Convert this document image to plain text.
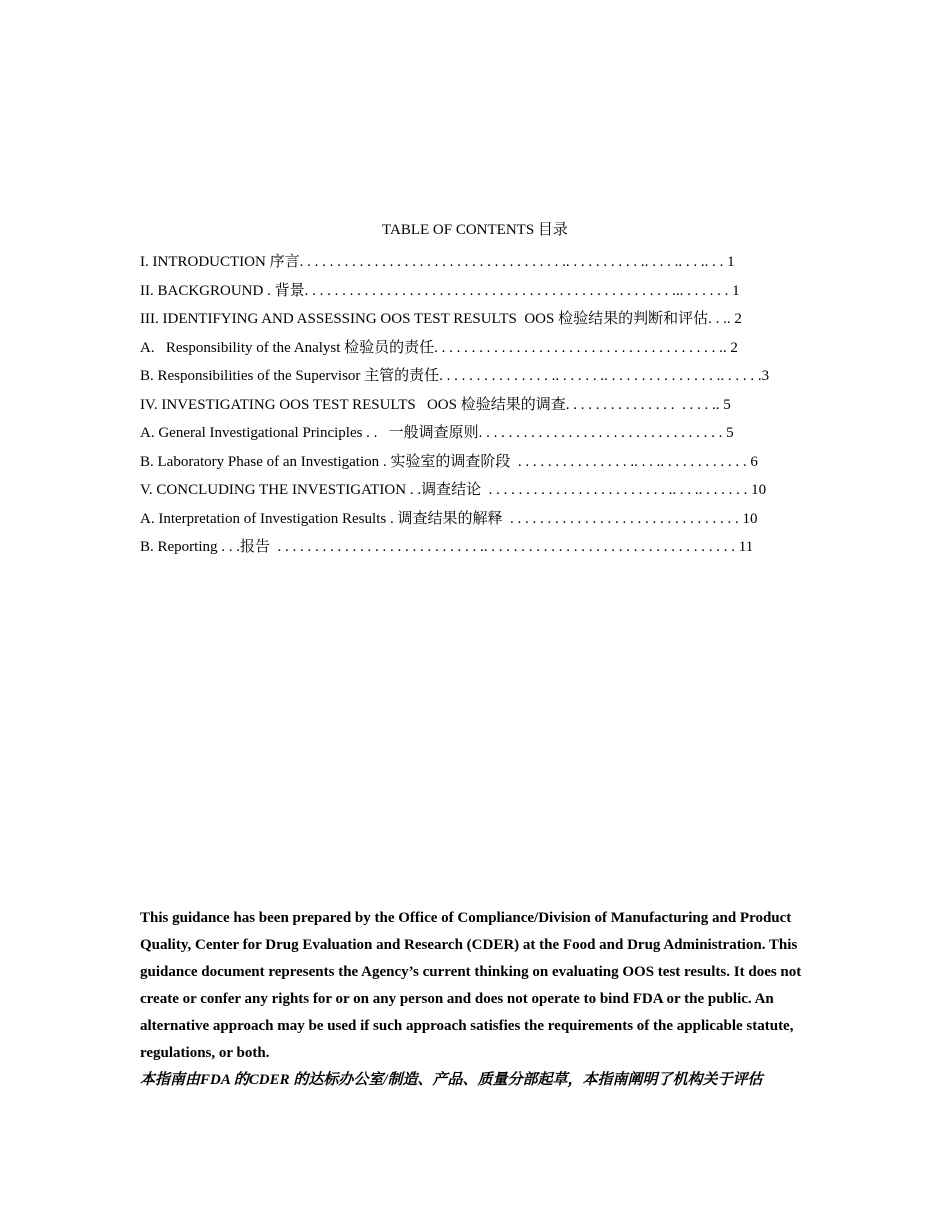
TABLE OF CONTENTS 目录
I. INTRODUCTION 序言. . . . . . . . . . . . . . . . . . . . . . . . . . . . . . . . . . . .. . . . . . . . . . .. . . . .. . . .. . . 1
II. BACKGROUND . 背景. . . . . . . . . . . . . . . . . . . . . . . . . . . . . . . . . . . . . . . . . . . . . . . . . ... . . . . . . 1
III. IDENTIFYING AND ASSESSING OOS TEST RESULTS  OOS 检验结果的判断和评估. . .. 2
A.   Responsibility of the Analyst 检验员的责任. . . . . . . . . . . . . . . . . . . . . . . . . . . . . . . . . . . . . . .. 2
B. Responsibilities of the Supervisor 主管的责任. . . . . . . . . . . . . . . .. . . . . . .. . . . . . . . . . . . . . . .. . . . . .3
IV. INVESTIGATING OOS TEST RESULTS   OOS 检验结果的调查. . . . . . . . . . . . . . .  . . . . .. 5
A. General Investigational Principles . .   一般调查原则. . . . . . . . . . . . . . . . . . . . . . . . . . . . . . . . . 5
B. Laboratory Phase of an Investigation . 实验室的调查阶段  . . . . . . . . . . . . . . . .. . . .. . . . . . . . . . . . 6
V. CONCLUDING THE INVESTIGATION . .调查结论  . . . . . . . . . . . . . . . . . . . . . . . . .. . . .. . . . . . . 10
A. Interpretation of Investigation Results . 调查结果的解释  . . . . . . . . . . . . . . . . . . . . . . . . . . . . . . . 10
B. Reporting . . .报告  . . . . . . . . . . . . . . . . . . . . . . . . . . . .. . . . . . . . . . . . . . . . . . . . . . . . . . . . . . . . . . 11

This guidance has been prepared by the Office of Compliance/Division of Manufacturing and Product

Quality, Center for Drug Evaluation and Research (CDER) at the Food and Drug Administration. This guidance document represents the Agency’s current thinking on evaluating OOS test results. It does not create or confer any rights for or on any person and does not operate to bind FDA or the public. An alternative approach may be used if such approach satisfies the requirements of the applicable statute, regulations, or both.

本指南由FDA 的CDER 的达标办公室/制造、产品、质量分部起草，本指南阐明了机构关于评估
